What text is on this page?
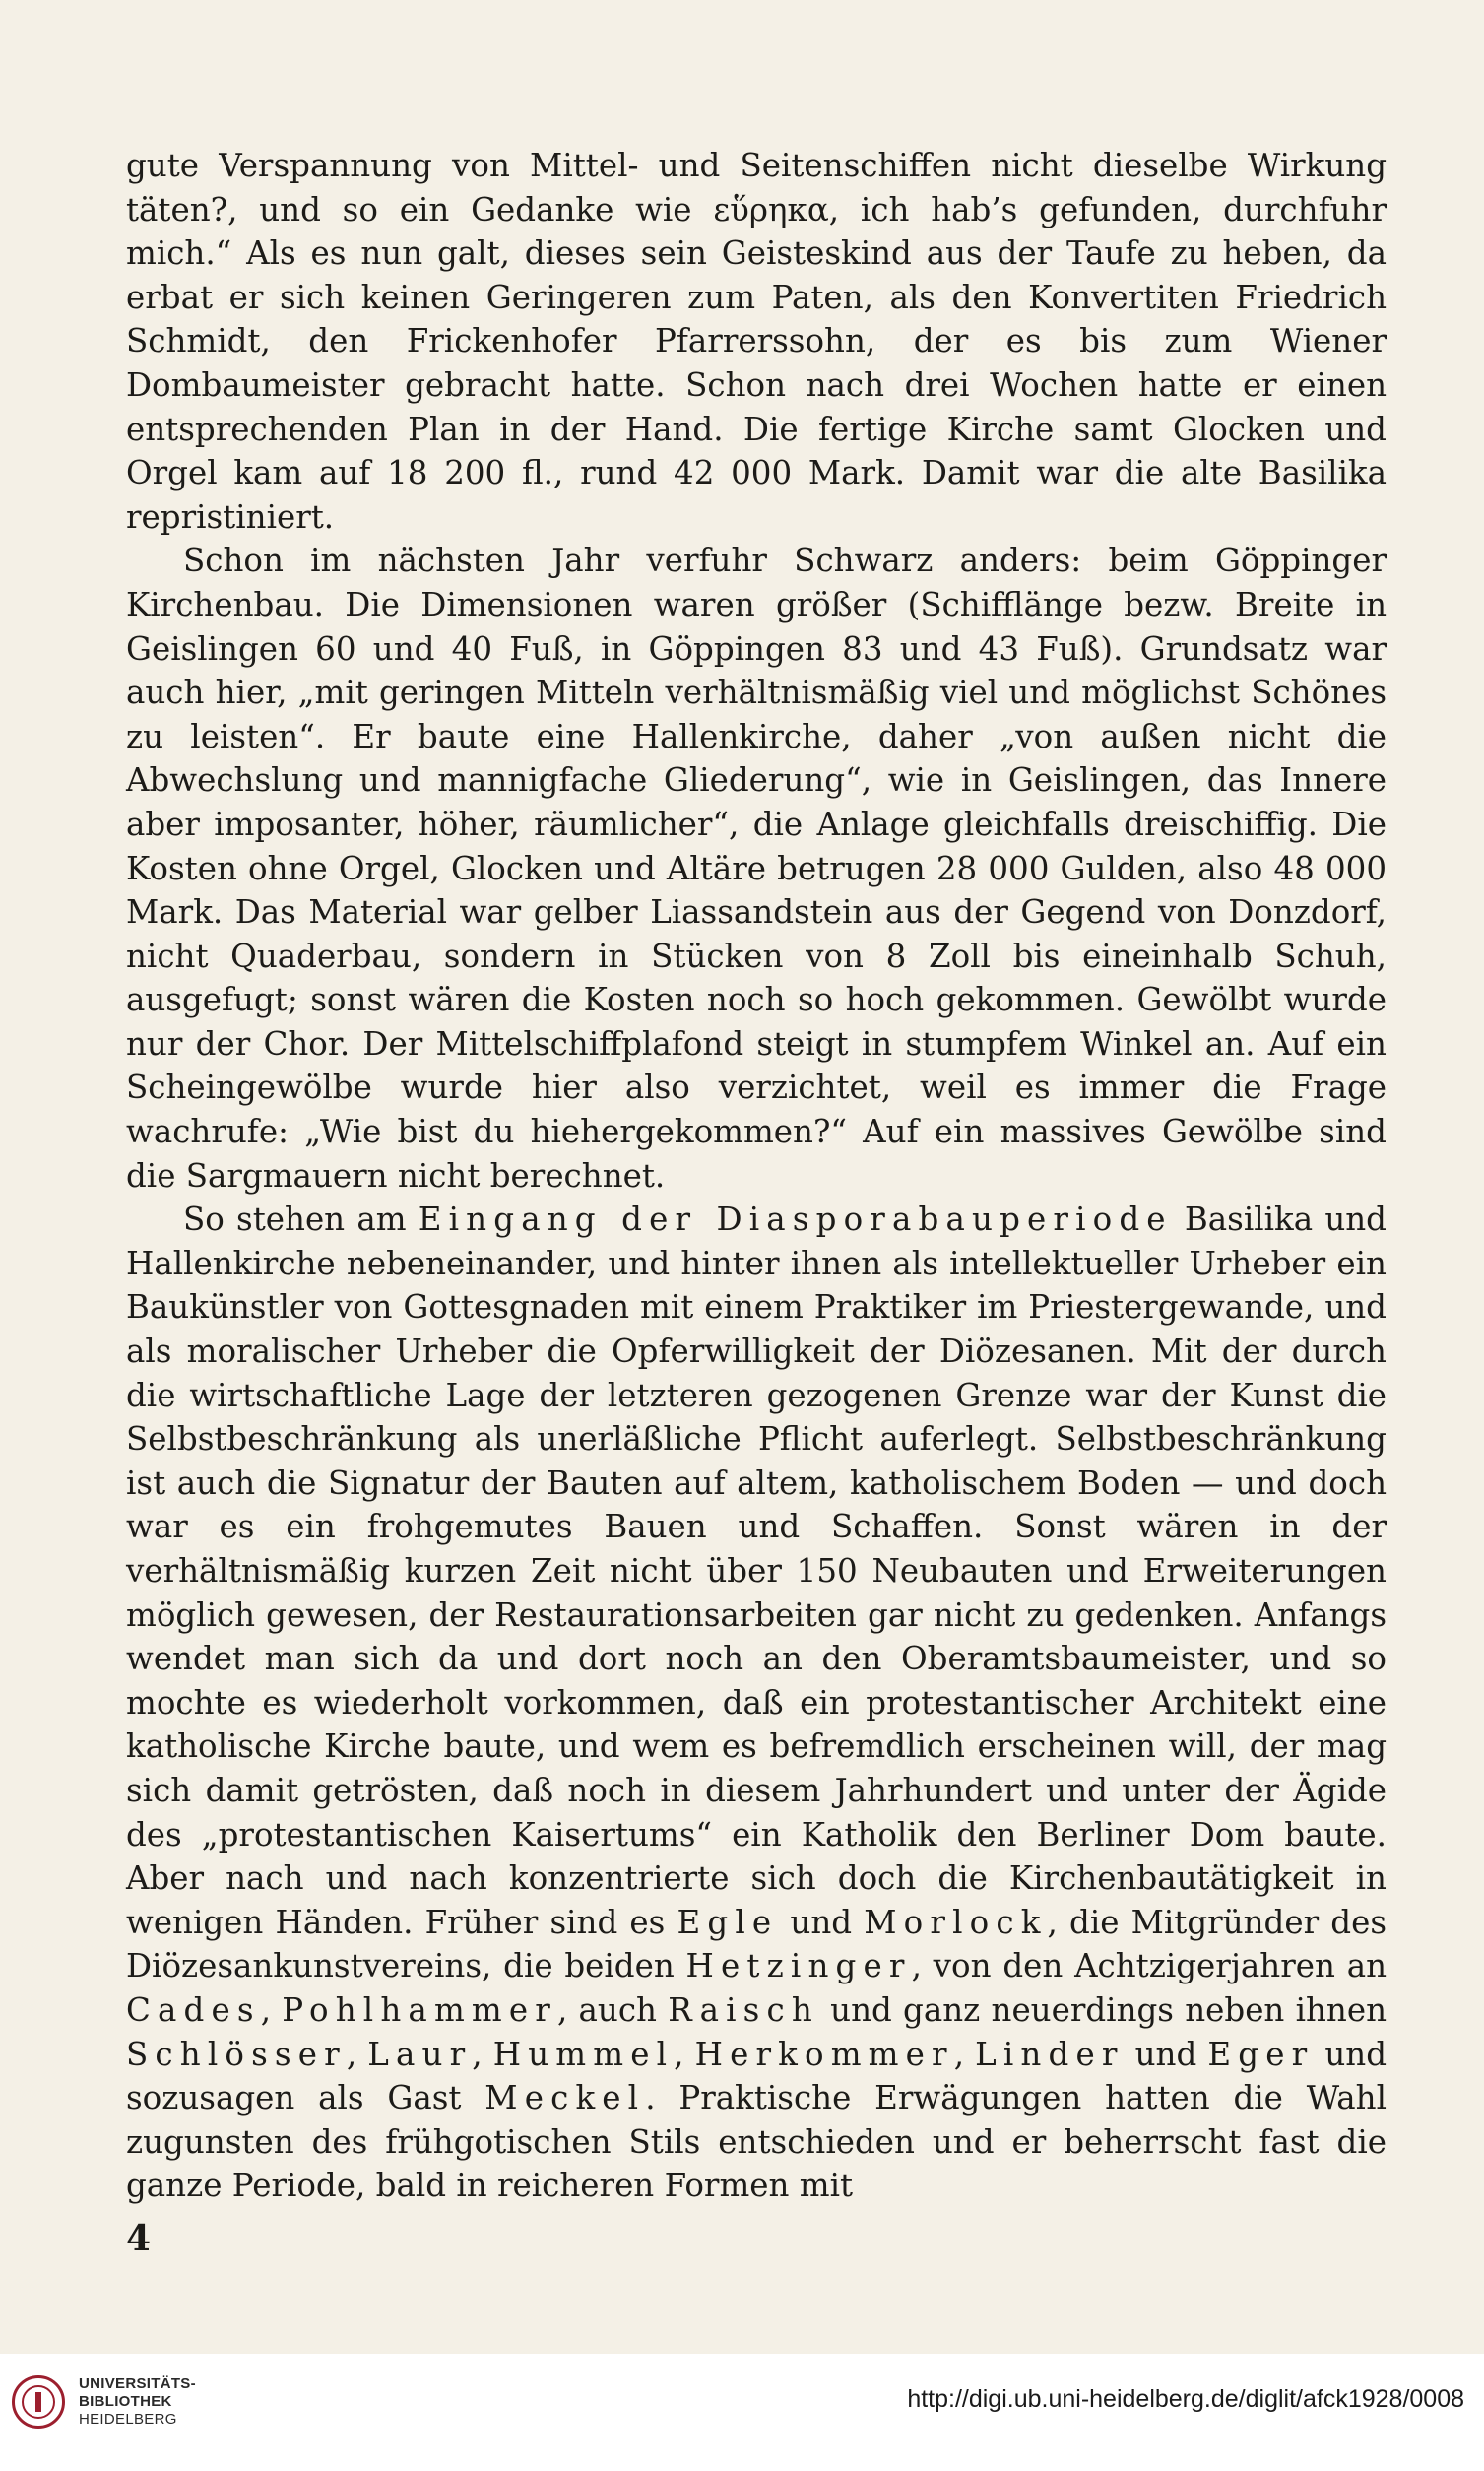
gute Verspannung von Mittel- und Seitenschiffen nicht dieselbe Wirkung täten?, und so ein Gedanke wie εὕρηκα, ich hab’s gefunden, durchfuhr mich.“ Als es nun galt, dieses sein Geisteskind aus der Taufe zu heben, da erbat er sich keinen Geringeren zum Paten, als den Konvertiten Friedrich Schmidt, den Frickenhofer Pfarrerssohn, der es bis zum Wiener Dombaumeister gebracht hatte. Schon nach drei Wochen hatte er einen entsprechenden Plan in der Hand. Die fertige Kirche samt Glocken und Orgel kam auf 18 200 fl., rund 42 000 Mark. Damit war die alte Basilika repristiniert.

Schon im nächsten Jahr verfuhr Schwarz anders: beim Göppinger Kirchenbau. Die Dimensionen waren größer (Schifflänge bezw. Breite in Geislingen 60 und 40 Fuß, in Göppingen 83 und 43 Fuß). Grundsatz war auch hier, „mit geringen Mitteln verhältnismäßig viel und möglichst Schönes zu leisten“. Er baute eine Hallenkirche, daher „von außen nicht die Abwechslung und mannigfache Gliederung“, wie in Geislingen, das Innere aber imposanter, höher, räumlicher“, die Anlage gleichfalls dreischiffig. Die Kosten ohne Orgel, Glocken und Altäre betrugen 28 000 Gulden, also 48 000 Mark. Das Material war gelber Liassandstein aus der Gegend von Donzdorf, nicht Quaderbau, sondern in Stücken von 8 Zoll bis eineinhalb Schuh, ausgefugt; sonst wären die Kosten noch so hoch gekommen. Gewölbt wurde nur der Chor. Der Mittelschiffplafond steigt in stumpfem Winkel an. Auf ein Scheingewölbe wurde hier also verzichtet, weil es immer die Frage wachrufe: „Wie bist du hiehergekommen?“ Auf ein massives Gewölbe sind die Sargmauern nicht berechnet.

So stehen am Eingang der Diasporabauperiode Basilika und Hallenkirche nebeneinander, und hinter ihnen als intellektueller Urheber ein Baukünstler von Gottesgnaden mit einem Praktiker im Priestergewande, und als moralischer Urheber die Opferwilligkeit der Diözesanen. Mit der durch die wirtschaftliche Lage der letzteren gezogenen Grenze war der Kunst die Selbstbeschränkung als unerläßliche Pflicht auferlegt. Selbstbeschränkung ist auch die Signatur der Bauten auf altem, katholischem Boden — und doch war es ein frohgemutes Bauen und Schaffen. Sonst wären in der verhältnismäßig kurzen Zeit nicht über 150 Neubauten und Erweiterungen möglich gewesen, der Restaurationsarbeiten gar nicht zu gedenken. Anfangs wendet man sich da und dort noch an den Oberamtsbaumeister, und so mochte es wiederholt vorkommen, daß ein protestantischer Architekt eine katholische Kirche baute, und wem es befremdlich erscheinen will, der mag sich damit getrösten, daß noch in diesem Jahrhundert und unter der Ägide des „protestantischen Kaisertums“ ein Katholik den Berliner Dom baute. Aber nach und nach konzentrierte sich doch die Kirchenbautätigkeit in wenigen Händen. Früher sind es Egle und Morlock, die Mitgründer des Diözesankunstvereins, die beiden Hetzinger, von den Achtzigerjahren an Cades, Pohlhammer, auch Raisch und ganz neuerdings neben ihnen Schlösser, Laur, Hummel, Herkommer, Linder und Eger und sozusagen als Gast Meckel. Praktische Erwägungen hatten die Wahl zugunsten des frühgotischen Stils entschieden und er beherrscht fast die ganze Periode, bald in reicheren Formen mit

4
UNIVERSITÄTS-
BIBLIOTHEK
HEIDELBERG
http://digi.ub.uni-heidelberg.de/diglit/afck1928/0008
